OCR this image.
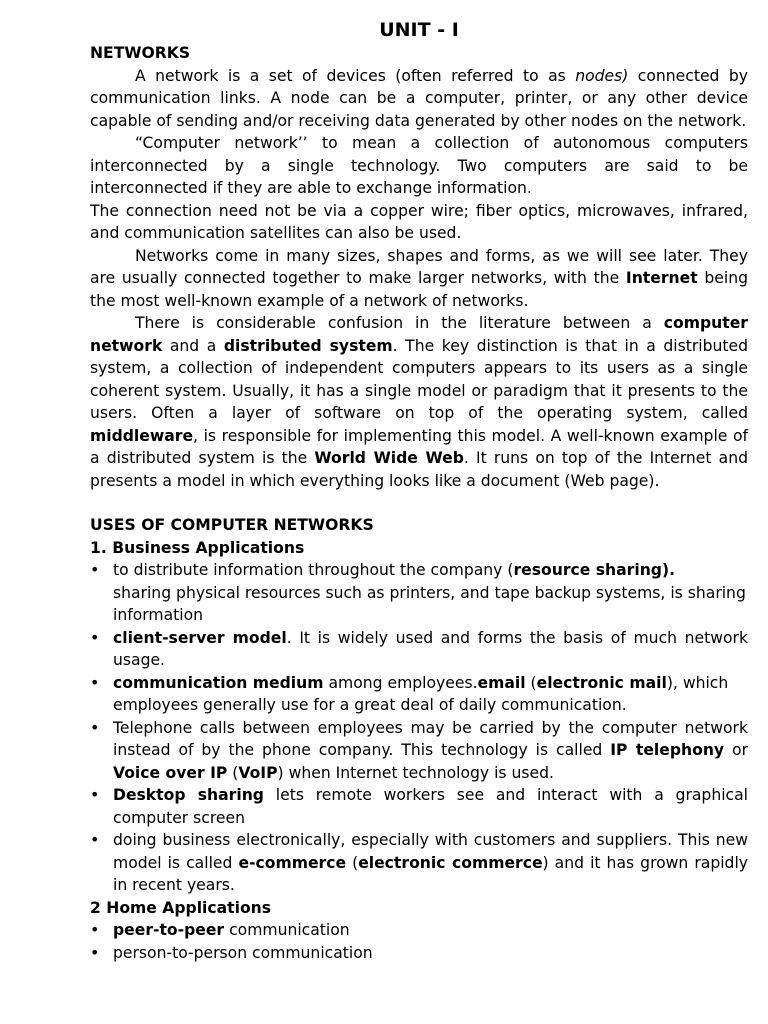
UNIT - I
NETWORKS

A network is a set of devices (often referred to as nodes) connected by communication links. A node can be a computer, printer, or any other device capable of sending and/or receiving data generated by other nodes on the network.

“Computer network’’ to mean a collection of autonomous computers interconnected by a single technology. Two computers are said to be interconnected if they are able to exchange information.

The connection need not be via a copper wire; fiber optics, microwaves, infrared, and communication satellites can also be used.

Networks come in many sizes, shapes and forms, as we will see later. They are usually connected together to make larger networks, with the Internet being the most well-known example of a network of networks.

There is considerable confusion in the literature between a computer network and a distributed system. The key distinction is that in a distributed system, a collection of independent computers appears to its users as a single coherent system. Usually, it has a single model or paradigm that it presents to the users. Often a layer of software on top of the operating system, called middleware, is responsible for implementing this model. A well-known example of a distributed system is the World Wide Web. It runs on top of the Internet and presents a model in which everything looks like a document (Web page).

USES OF COMPUTER NETWORKS
1. Business Applications
•
to distribute information throughout the company (resource sharing).
sharing physical resources such as printers, and tape backup systems, is sharing information
•
client-server model. It is widely used and forms the basis of much network usage.
•
communication medium among employees.email (electronic mail), which employees generally use for a great deal of daily communication.
•
Telephone calls between employees may be carried by the computer network instead of by the phone company. This technology is called IP telephony or Voice over IP (VoIP) when Internet technology is used.
•
Desktop sharing lets remote workers see and interact with a graphical computer screen
•
doing business electronically, especially with customers and suppliers. This new model is called e-commerce (electronic commerce) and it has grown rapidly in recent years.
2 Home Applications
•
peer-to-peer communication
•
person-to-person communication
